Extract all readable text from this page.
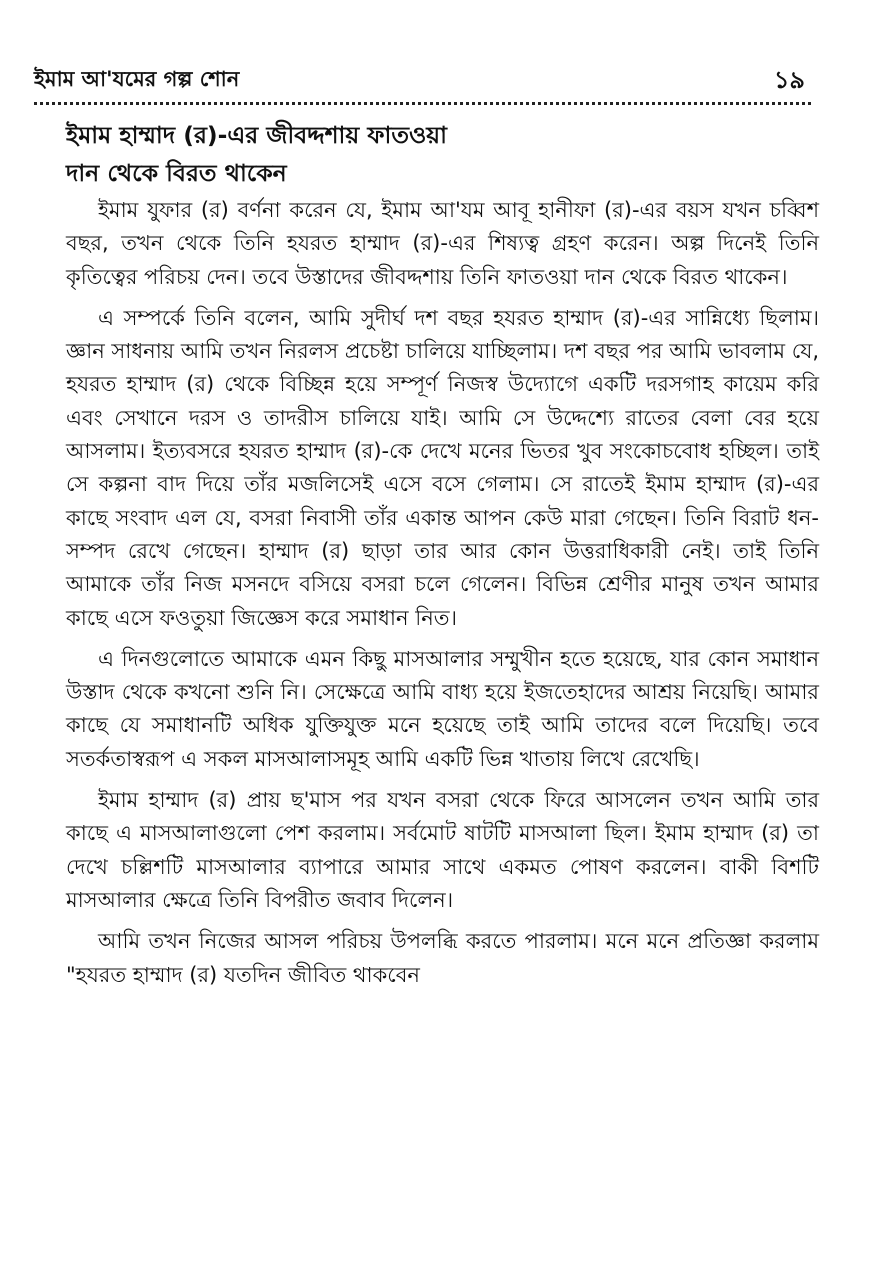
ইমাম আ'যমের গল্প শোন	১৯
ইমাম হাম্মাদ (র)-এর জীবদ্দশায় ফাতওয়া
দান থেকে বিরত থাকেন

ইমাম যুফার (র) বর্ণনা করেন যে, ইমাম আ'যম আবূ হানীফা (র)-এর বয়স যখন চব্বিশ বছর, তখন থেকে তিনি হযরত হাম্মাদ (র)-এর শিষ্যত্ব গ্রহণ করেন। অল্প দিনেই তিনি কৃতিত্বের পরিচয় দেন। তবে উস্তাদের জীবদ্দশায় তিনি ফাতওয়া দান থেকে বিরত থাকেন।

এ সম্পর্কে তিনি বলেন, আমি সুদীর্ঘ দশ বছর হযরত হাম্মাদ (র)-এর সান্নিধ্যে ছিলাম। জ্ঞান সাধনায় আমি তখন নিরলস প্রচেষ্টা চালিয়ে যাচ্ছিলাম। দশ বছর পর আমি ভাবলাম যে, হযরত হাম্মাদ (র) থেকে বিচ্ছিন্ন হয়ে সম্পূর্ণ নিজস্ব উদ্যোগে একটি দরসগাহ কায়েম করি এবং সেখানে দরস ও তাদরীস চালিয়ে যাই। আমি সে উদ্দেশ্যে রাতের বেলা বের হয়ে আসলাম। ইত্যবসরে হযরত হাম্মাদ (র)-কে দেখে মনের ভিতর খুব সংকোচবোধ হচ্ছিল। তাই সে কল্পনা বাদ দিয়ে তাঁর মজলিসেই এসে বসে গেলাম। সে রাতেই ইমাম হাম্মাদ (র)-এর কাছে সংবাদ এল যে, বসরা নিবাসী তাঁর একান্ত আপন কেউ মারা গেছেন। তিনি বিরাট ধন-সম্পদ রেখে গেছেন। হাম্মাদ (র) ছাড়া তার আর কোন উত্তরাধিকারী নেই। তাই তিনি আমাকে তাঁর নিজ মসনদে বসিয়ে বসরা চলে গেলেন। বিভিন্ন শ্রেণীর মানুষ তখন আমার কাছে এসে ফওতুয়া জিজ্ঞেস করে সমাধান নিত।

এ দিনগুলোতে আমাকে এমন কিছু মাসআলার সম্মুখীন হতে হয়েছে, যার কোন সমাধান উস্তাদ থেকে কখনো শুনি নি। সেক্ষেত্রে আমি বাধ্য হয়ে ইজতেহাদের আশ্রয় নিয়েছি। আমার কাছে যে সমাধানটি অধিক যুক্তিযুক্ত মনে হয়েছে তাই আমি তাদের বলে দিয়েছি। তবে সতর্কতাস্বরূপ এ সকল মাসআলাসমূহ আমি একটি ভিন্ন খাতায় লিখে রেখেছি।

ইমাম হাম্মাদ (র) প্রায় ছ'মাস পর যখন বসরা থেকে ফিরে আসলেন তখন আমি তার কাছে এ মাসআলাগুলো পেশ করলাম। সর্বমোট ষাটটি মাসআলা ছিল। ইমাম হাম্মাদ (র) তা দেখে চল্লিশটি মাসআলার ব্যাপারে আমার সাথে একমত পোষণ করলেন। বাকী বিশটি মাসআলার ক্ষেত্রে তিনি বিপরীত জবাব দিলেন।

আমি তখন নিজের আসল পরিচয় উপলব্ধি করতে পারলাম। মনে মনে প্রতিজ্ঞা করলাম "হযরত হাম্মাদ (র) যতদিন জীবিত থাকবেন
